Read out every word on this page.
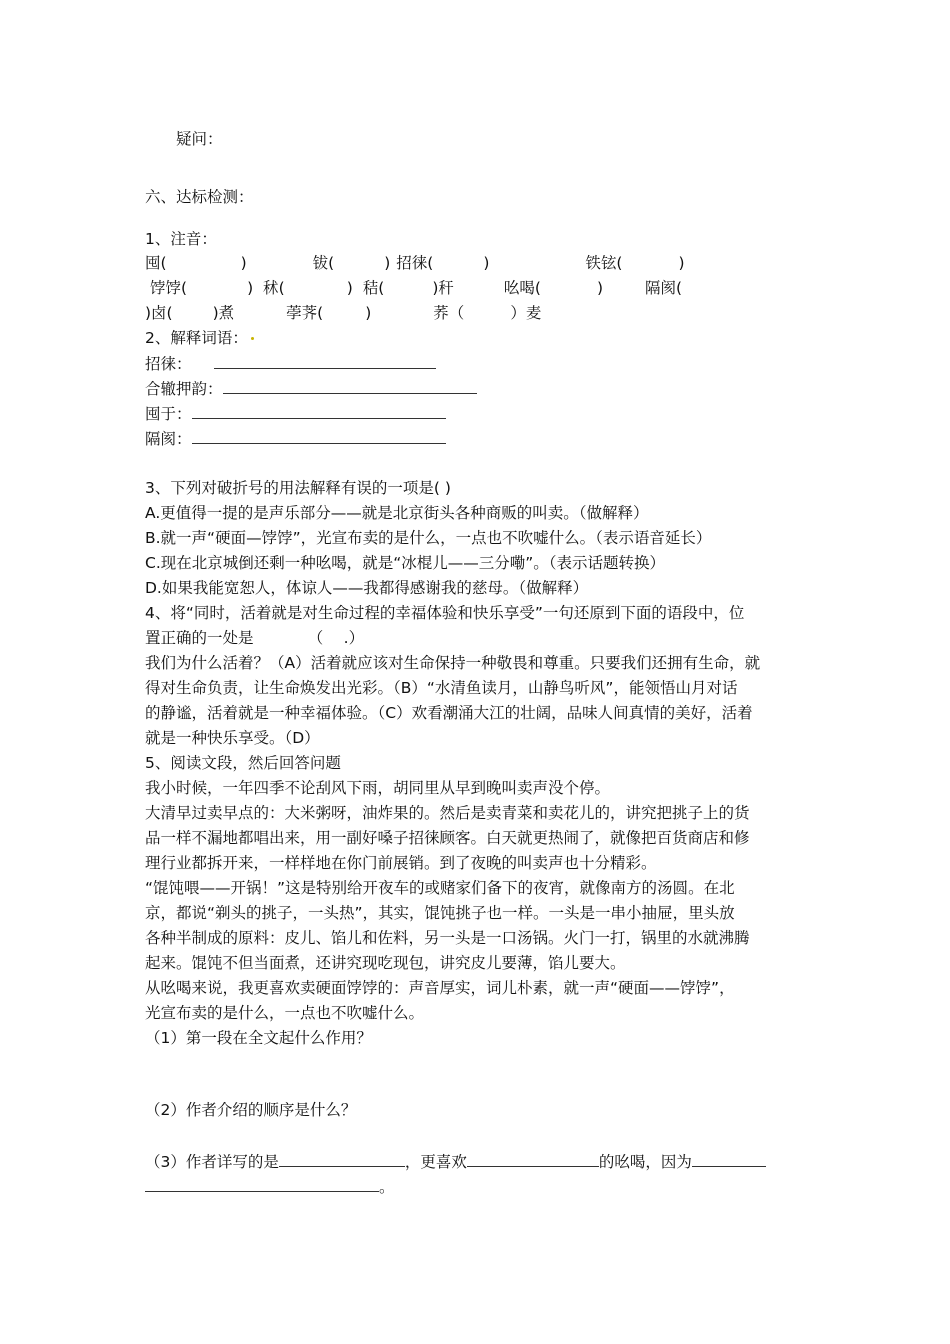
疑问：
六、达标检测：
1、注音：
囤(	)	钹(	) 招徕(	)	铁铉(	)
饽饽(	) 秫(	) 秸(	)秆	吆喝(	)	隔阂(
)卤(	)煮	荸荠(	)	荞（	）麦
2、解释词语：
招徕：
合辙押韵：
囤于：
隔阂：
3、下列对破折号的用法解释有误的一项是( )
A.更值得一提的是声乐部分——就是北京街头各种商贩的叫卖。（做解释）
B.就一声“硬面—饽饽”，光宣布卖的是什么，一点也不吹嘘什么。（表示语音延长）
C.现在北京城倒还剩一种吆喝，就是“冰棍儿——三分嘞”。（表示话题转换）
D.如果我能宽恕人，体谅人——我都得感谢我的慈母。（做解释）
4、将“同时，活着就是对生命过程的幸福体验和快乐享受”一句还原到下面的语段中，位
置正确的一处是　　　　（　 .）
我们为什么活着？（A）活着就应该对生命保持一种敬畏和尊重。只要我们还拥有生命，就
得对生命负责，让生命焕发出光彩。（B）“水清鱼读月，山静鸟听风”，能领悟山月对话
的静谧，活着就是一种幸福体验。（C）欢看潮涌大江的壮阔，品味人间真情的美好，活着
就是一种快乐享受。（D）
5、阅读文段，然后回答问题
我小时候，一年四季不论刮风下雨，胡同里从早到晚叫卖声没个停。
大清早过卖早点的：大米粥呀，油炸果的。然后是卖青菜和卖花儿的，讲究把挑子上的货
品一样不漏地都唱出来，用一副好嗓子招徕顾客。白天就更热闹了，就像把百货商店和修
理行业都拆开来，一样样地在你门前展销。到了夜晚的叫卖声也十分精彩。
“馄饨喂——开锅！”这是特别给开夜车的或赌家们备下的夜宵，就像南方的汤圆。在北
京，都说“剃头的挑子，一头热”，其实，馄饨挑子也一样。一头是一串小抽屉，里头放
各种半制成的原料：皮儿、馅儿和佐料，另一头是一口汤锅。火门一打，锅里的水就沸腾
起来。馄饨不但当面煮，还讲究现吃现包，讲究皮儿要薄，馅儿要大。
从吆喝来说，我更喜欢卖硬面饽饽的：声音厚实，词儿朴素，就一声“硬面——饽饽”，
光宣布卖的是什么，一点也不吹嘘什么。
（1）第一段在全文起什么作用？
（2）作者介绍的顺序是什么？
（3）作者详写的是	，更喜欢	的吆喝，因为
。
